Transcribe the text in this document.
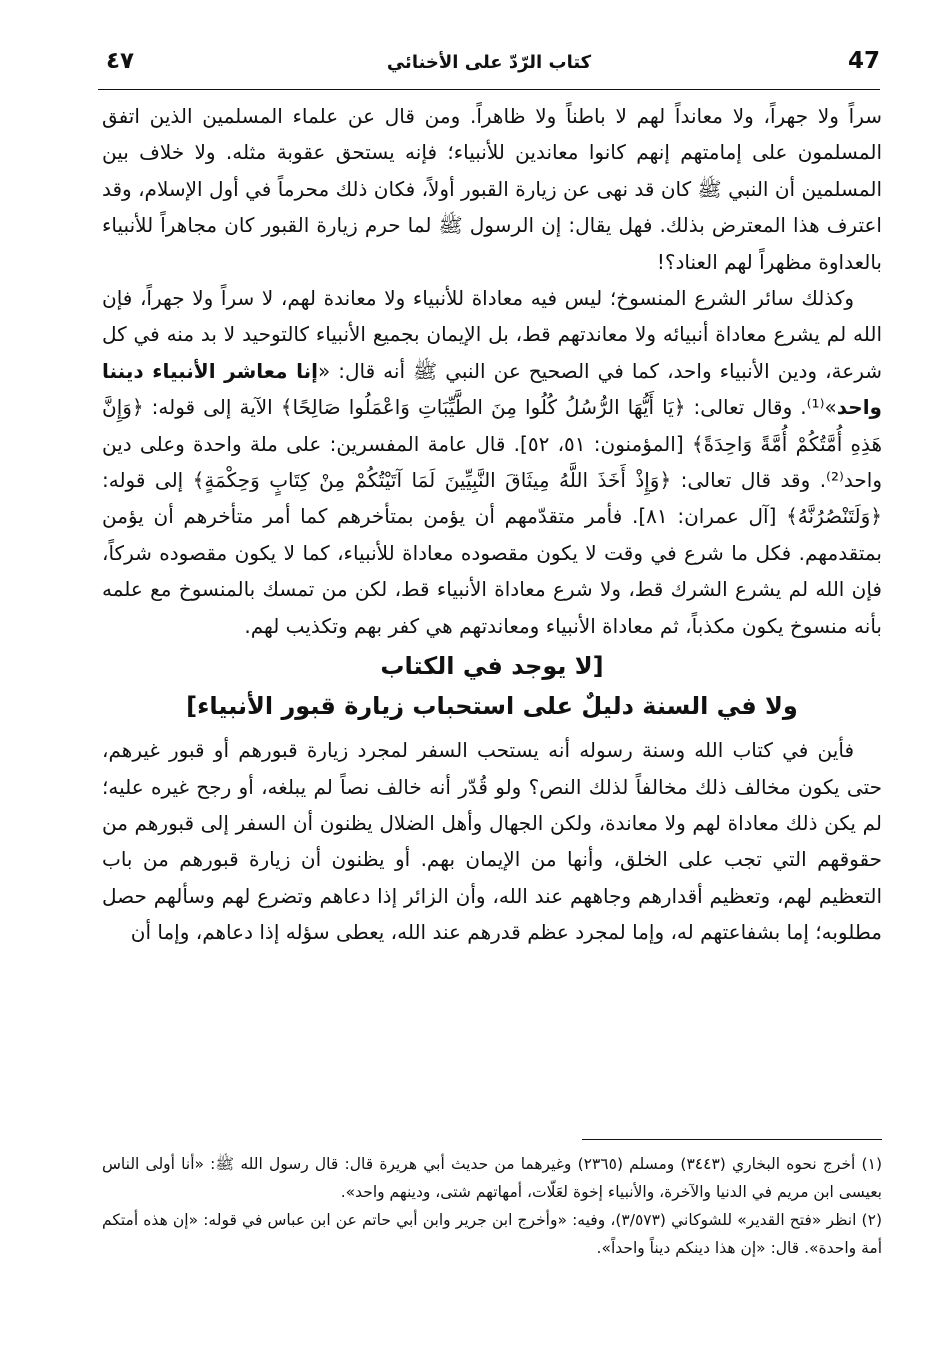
47
كتاب الرّدّ على الأخنائي
٤٧

سراً ولا جهراً، ولا معانداً لهم لا باطناً ولا ظاهراً. ومن قال عن علماء المسلمين الذين اتفق المسلمون على إمامتهم إنهم كانوا معاندين للأنبياء؛ فإنه يستحق عقوبة مثله. ولا خلاف بين المسلمين أن النبي ﷺ كان قد نهى عن زيارة القبور أولاً، فكان ذلك محرماً في أول الإسلام، وقد اعترف هذا المعترض بذلك. فهل يقال: إن الرسول ﷺ لما حرم زيارة القبور كان مجاهراً للأنبياء بالعداوة مظهراً لهم العناد؟!

وكذلك سائر الشرع المنسوخ؛ ليس فيه معاداة للأنبياء ولا معاندة لهم، لا سراً ولا جهراً، فإن الله لم يشرع معاداة أنبيائه ولا معاندتهم قط، بل الإيمان بجميع الأنبياء كالتوحيد لا بد منه في كل شرعة، ودين الأنبياء واحد، كما في الصحيح عن النبي ﷺ أنه قال: «إنا معاشر الأنبياء ديننا واحد»⁽¹⁾. وقال تعالى: ﴿يَا أَيُّهَا الرُّسُلُ كُلُوا مِنَ الطَّيِّبَاتِ وَاعْمَلُوا صَالِحًا﴾ الآية إلى قوله: ﴿وَإِنَّ هَذِهِ أُمَّتُكُمْ أُمَّةً وَاحِدَةً﴾ [المؤمنون: ٥١، ٥٢]. قال عامة المفسرين: على ملة واحدة وعلى دين واحد⁽²⁾. وقد قال تعالى: ﴿وَإِذْ أَخَذَ اللَّهُ مِيثَاقَ النَّبِيِّينَ لَمَا آتَيْتُكُمْ مِنْ كِتَابٍ وَحِكْمَةٍ﴾ إلى قوله: ﴿وَلَتَنْصُرُنَّهُ﴾ [آل عمران: ٨١]. فأمر متقدّمهم أن يؤمن بمتأخرهم كما أمر متأخرهم أن يؤمن بمتقدمهم. فكل ما شرع في وقت لا يكون مقصوده معاداة للأنبياء، كما لا يكون مقصوده شركاً، فإن الله لم يشرع الشرك قط، ولا شرع معاداة الأنبياء قط، لكن من تمسك بالمنسوخ مع علمه بأنه منسوخ يكون مكذباً، ثم معاداة الأنبياء ومعاندتهم هي كفر بهم وتكذيب لهم.

[لا يوجد في الكتاب
ولا في السنة دليلٌ على استحباب زيارة قبور الأنبياء]

فأين في كتاب الله وسنة رسوله أنه يستحب السفر لمجرد زيارة قبورهم أو قبور غيرهم، حتى يكون مخالف ذلك مخالفاً لذلك النص؟ ولو قُدّر أنه خالف نصاً لم يبلغه، أو رجح غيره عليه؛ لم يكن ذلك معاداة لهم ولا معاندة، ولكن الجهال وأهل الضلال يظنون أن السفر إلى قبورهم من حقوقهم التي تجب على الخلق، وأنها من الإيمان بهم. أو يظنون أن زيارة قبورهم من باب التعظيم لهم، وتعظيم أقدارهم وجاههم عند الله، وأن الزائر إذا دعاهم وتضرع لهم وسألهم حصل مطلوبه؛ إما بشفاعتهم له، وإما لمجرد عظم قدرهم عند الله، يعطى سؤله إذا دعاهم، وإما أن

(١) أخرج نحوه البخاري (٣٤٤٣) ومسلم (٢٣٦٥) وغيرهما من حديث أبي هريرة قال: قال رسول الله ﷺ: «أنا أولى الناس بعيسى ابن مريم في الدنيا والآخرة، والأنبياء إخوة لعَلّات، أمهاتهم شتى، ودينهم واحد».

(٢) انظر «فتح القدير» للشوكاني (٣/٥٧٣)، وفيه: «وأخرج ابن جرير وابن أبي حاتم عن ابن عباس في قوله: «إن هذه أمتكم أمة واحدة». قال: «إن هذا دينكم ديناً واحداً».
